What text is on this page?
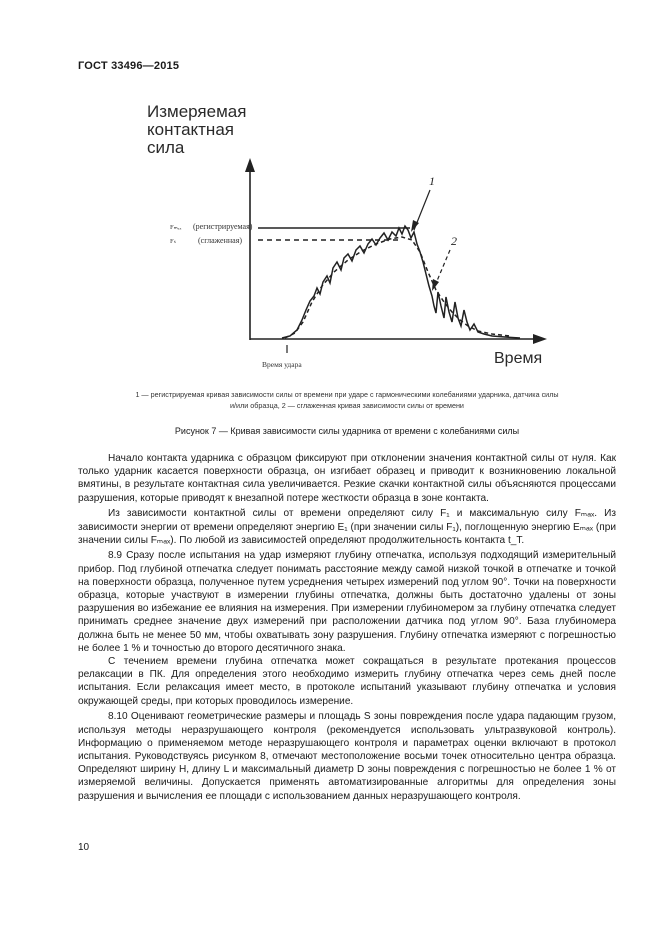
ГОСТ 33496—2015
Измеряемая
контактная
сила
Время
Время удара
Fₘₐₓ (регистрируемая)
Fₛ	(сглаженная)
1
2
1 — регистрируемая кривая зависимости силы от времени при ударе с гармоническими колебаниями ударника, датчика силы
и/или образца, 2 — сглаженная кривая зависимости силы от времени
Рисунок 7 — Кривая зависимости силы ударника от времени с колебаниями силы

Начало контакта ударника с образцом фиксируют при отклонении значения контактной силы от нуля. Как только ударник касается поверхности образца, он изгибает образец и приводит к возникновению локальной вмятины, в результате контактная сила увеличивается. Резкие скачки контактной силы объясняются процессами разрушения, которые приводят к внезапной потере жесткости образца в зоне контакта.

Из зависимости контактной силы от времени определяют силу F₁ и максимальную силу Fₘₐₓ. Из зависимости энергии от времени определяют энергию E₁ (при значении силы F₁), поглощенную энергию Eₘₐₓ (при значении силы Fₘₐₓ). По любой из зависимостей определяют продолжительность контакта t_T.

8.9 Сразу после испытания на удар измеряют глубину отпечатка, используя подходящий измерительный прибор. Под глубиной отпечатка следует понимать расстояние между самой низкой точкой в отпечатке и точкой на поверхности образца, полученное путем усреднения четырех измерений под углом 90°. Точки на поверхности образца, которые участвуют в измерении глубины отпечатка, должны быть достаточно удалены от зоны разрушения во избежание ее влияния на измерения. При измерении глубиномером за глубину отпечатка следует принимать среднее значение двух измерений при расположении датчика под углом 90°. База глубиномера должна быть не менее 50 мм, чтобы охватывать зону разрушения. Глубину отпечатка измеряют с погрешностью не более 1 % и точностью до второго десятичного знака.

С течением времени глубина отпечатка может сокращаться в результате протекания процессов релаксации в ПК. Для определения этого необходимо измерить глубину отпечатка через семь дней после испытания. Если релаксация имеет место, в протоколе испытаний указывают глубину отпечатка и условия окружающей среды, при которых проводилось измерение.

8.10 Оценивают геометрические размеры и площадь S зоны повреждения после удара падающим грузом, используя методы неразрушающего контроля (рекомендуется использовать ультразвуковой контроль). Информацию о применяемом методе неразрушающего контроля и параметрах оценки включают в протокол испытания. Руководствуясь рисунком 8, отмечают местоположение восьми точек относительно центра образца. Определяют ширину H, длину L и максимальный диаметр D зоны повреждения с погрешностью не более 1 % от измеряемой величины. Допускается применять автоматизированные алгоритмы для определения зоны разрушения и вычисления ее площади с использованием данных неразрушающего контроля.

10
